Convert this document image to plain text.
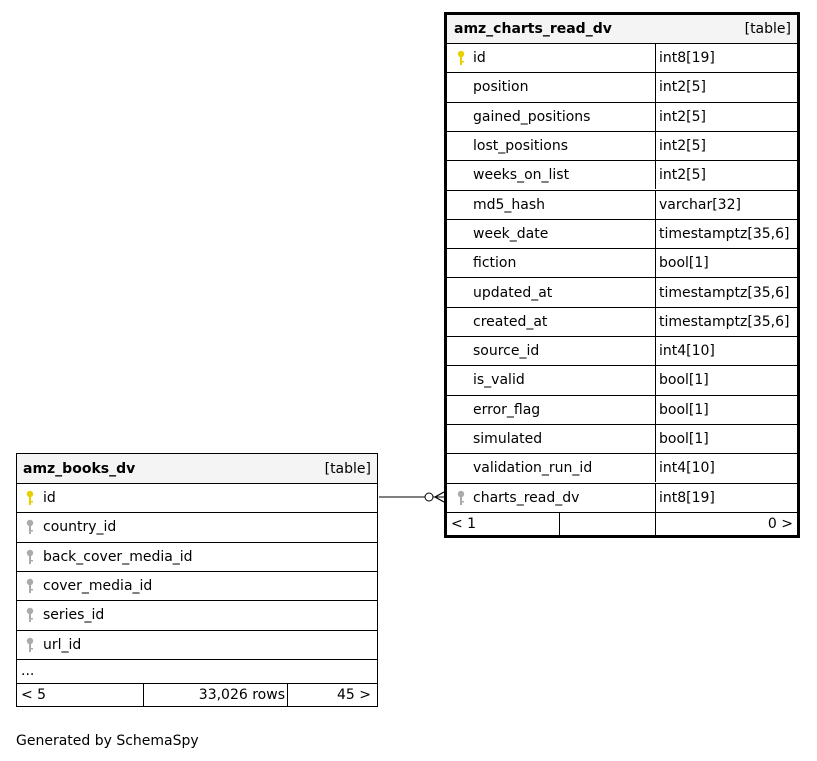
amz_charts_read_dv	[table]
id	int8[19]
position	int2[5]
gained_positions	int2[5]
lost_positions	int2[5]
weeks_on_list	int2[5]
md5_hash	varchar[32]
week_date	timestamptz[35,6]
fiction	bool[1]
updated_at	timestamptz[35,6]
created_at	timestamptz[35,6]
source_id	int4[10]
is_valid	bool[1]
error_flag	bool[1]
simulated	bool[1]
validation_run_id	int4[10]
charts_read_dv	int8[19]
< 1	0 >
amz_books_dv	[table]
id
country_id
back_cover_media_id
cover_media_id
series_id
url_id
...
< 5	33,026 rows	45 >
Generated by SchemaSpy
